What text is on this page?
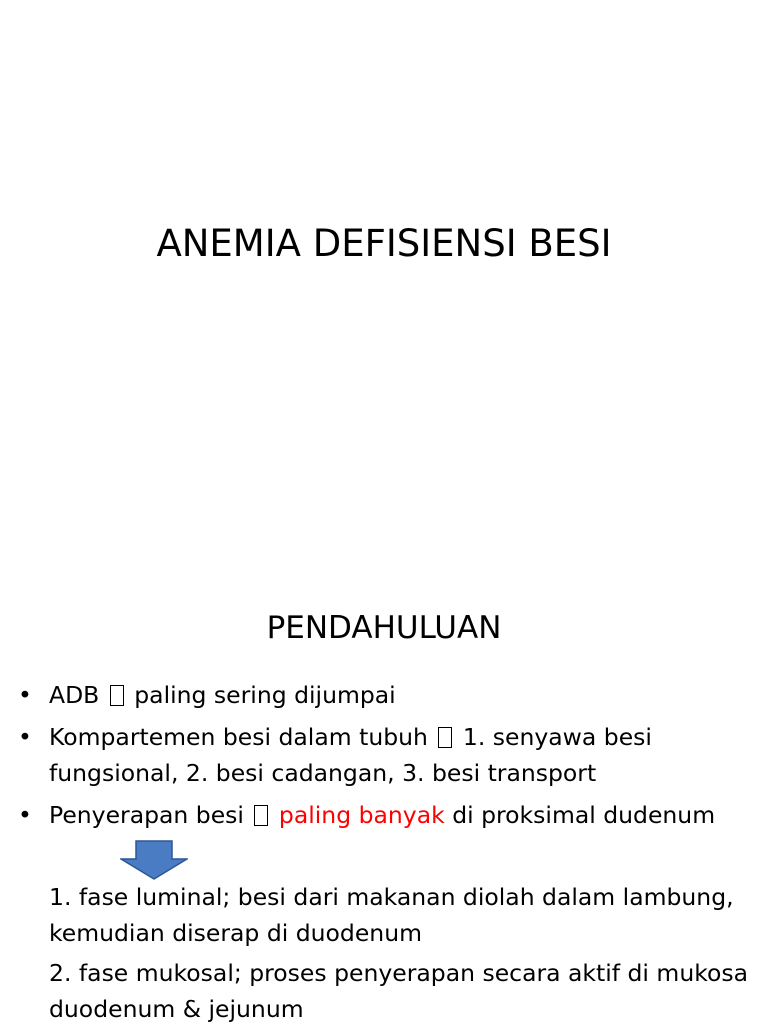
ANEMIA DEFISIENSI BESI
PENDAHULUAN
• ADB paling sering dijumpai
• Kompartemen besi dalam tubuh 1. senyawa besi fungsional, 2. besi cadangan, 3. besi transport
• Penyerapan besi paling banyak di proksimal dudenum
1. fase luminal; besi dari makanan diolah dalam lambung, kemudian diserap di duodenum
2. fase mukosal; proses penyerapan secara aktif di mukosa duodenum & jejunum
